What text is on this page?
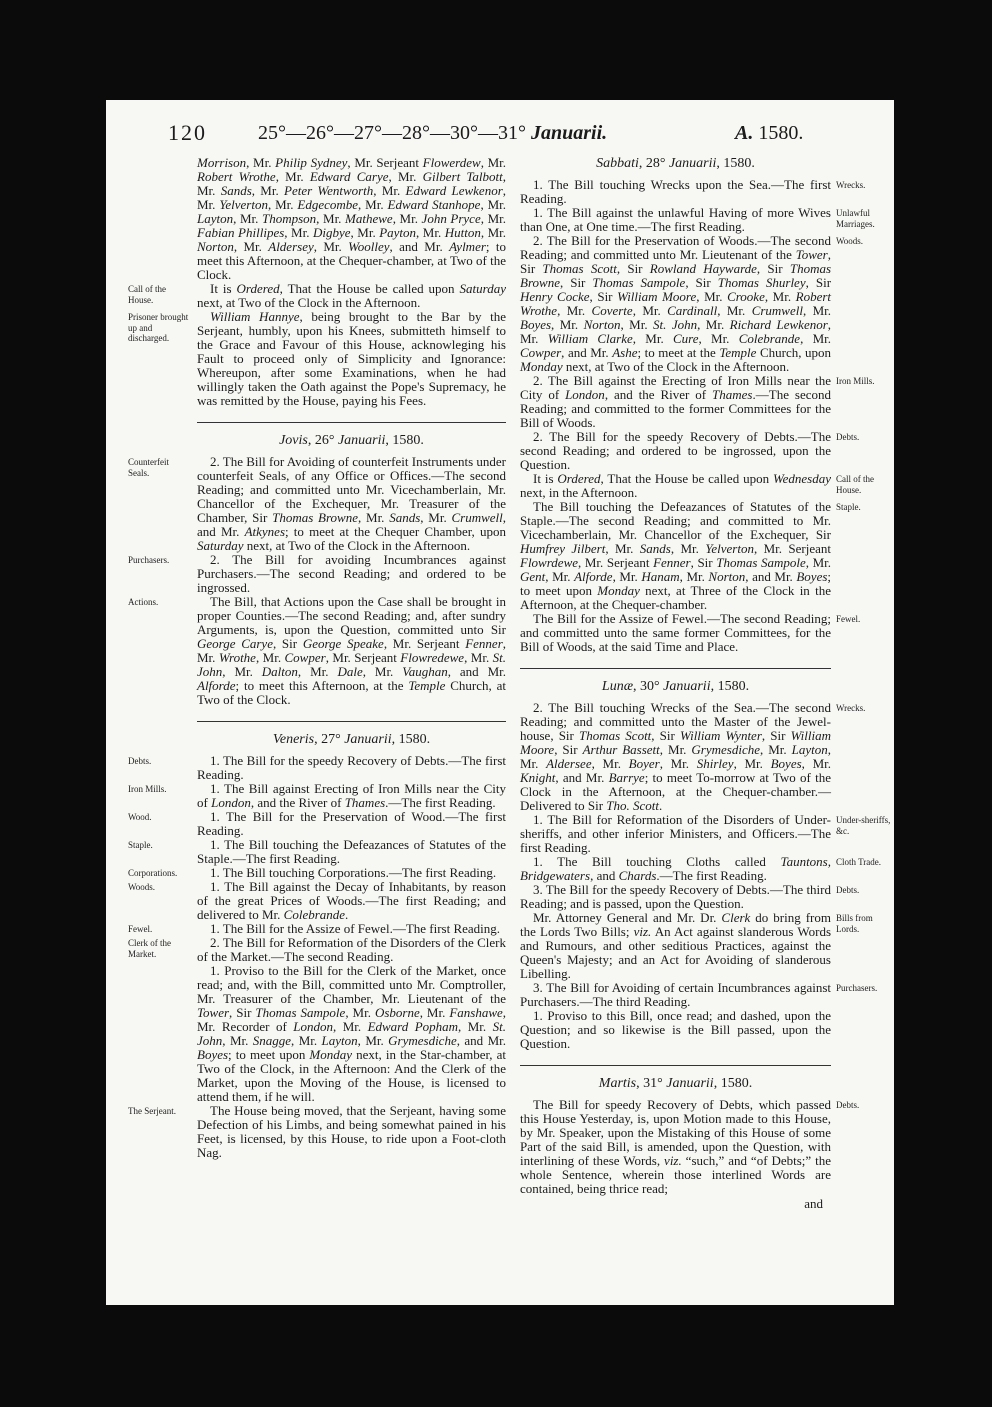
120	25°—26°—27°—28°—30°—31° Januarii.	A. 1580.
Morrison, Mr. Philip Sydney, Mr. Serjeant Flowerdew, Mr. Robert Wrothe, Mr. Edward Carye, Mr. Gilbert Talbott, Mr. Sands, Mr. Peter Wentworth, Mr. Edward Lewkenor, Mr. Yelverton, Mr. Edgecombe, Mr. Edward Stanhope, Mr. Layton, Mr. Thompson, Mr. Mathewe, Mr. John Pryce, Mr. Fabian Phillipes, Mr. Digbye, Mr. Payton, Mr. Hutton, Mr. Norton, Mr. Aldersey, Mr. Woolley, and Mr. Aylmer; to meet this Afternoon, at the Chequer-chamber, at Two of the Clock.
Call of the House.
It is Ordered, That the House be called upon Saturday next, at Two of the Clock in the Afternoon.
Prisoner brought up and discharged.
William Hannye, being brought to the Bar by the Serjeant, humbly, upon his Knees, submitteth himself to the Grace and Favour of this House, acknowleging his Fault to proceed only of Simplicity and Ignorance: Whereupon, after some Examinations, when he had willingly taken the Oath against the Pope's Supremacy, he was remitted by the House, paying his Fees.
Jovis, 26° Januarii, 1580.
Counterfeit Seals.
2. The Bill for Avoiding of counterfeit Instruments under counterfeit Seals, of any Office or Offices.—The second Reading; and committed unto Mr. Vicechamberlain, Mr. Chancellor of the Exchequer, Mr. Treasurer of the Chamber, Sir Thomas Browne, Mr. Sands, Mr. Crumwell, and Mr. Atkynes; to meet at the Chequer Chamber, upon Saturday next, at Two of the Clock in the Afternoon.
Purchasers.	2. The Bill for avoiding Incumbrances against Purchasers.—The second Reading; and ordered to be ingrossed.
Actions.	The Bill, that Actions upon the Case shall be brought in proper Counties.—The second Reading; and, after sundry Arguments, is, upon the Question, committed unto Sir George Carye, Sir George Speake, Mr. Serjeant Fenner, Mr. Wrothe, Mr. Cowper, Mr. Serjeant Flowredewe, Mr. St. John, Mr. Dalton, Mr. Dale, Mr. Vaughan, and Mr. Alforde; to meet this Afternoon, at the Temple Church, at Two of the Clock.
Veneris, 27° Januarii, 1580.
Debts.	1. The Bill for the speedy Recovery of Debts.—The first Reading.
Iron Mills.	1. The Bill against Erecting of Iron Mills near the City of London, and the River of Thames.—The first Reading.
Wood.	1. The Bill for the Preservation of Wood.—The first Reading.
Staple.	1. The Bill touching the Defeazances of Statutes of the Staple.—The first Reading.
Corporations.	1. The Bill touching Corporations.—The first Reading.
Woods.	1. The Bill against the Decay of Inhabitants, by reason of the great Prices of Woods.—The first Reading; and delivered to Mr. Colebrande.
Fewel.	1. The Bill for the Assize of Fewel.—The first Reading.
Clerk of the Market.
2. The Bill for Reformation of the Disorders of the Clerk of the Market.—The second Reading.
1. Proviso to the Bill for the Clerk of the Market, once read; and, with the Bill, committed unto Mr. Comptroller, Mr. Treasurer of the Chamber, Mr. Lieutenant of the Tower, Sir Thomas Sampole, Mr. Osborne, Mr. Fanshawe, Mr. Recorder of London, Mr. Edward Popham, Mr. St. John, Mr. Snagge, Mr. Layton, Mr. Grymesdiche, and Mr. Boyes; to meet upon Monday next, in the Star-chamber, at Two of the Clock, in the Afternoon: And the Clerk of the Market, upon the Moving of the House, is licensed to attend them, if he will.
The Serjeant.	The House being moved, that the Serjeant, having some Defection of his Limbs, and being somewhat pained in his Feet, is licensed, by this House, to ride upon a Foot-cloth Nag.
Sabbati, 28° Januarii, 1580.
Wrecks.
1. The Bill touching Wrecks upon the Sea.—The first Reading.
Unlawful Marriages.
1. The Bill against the unlawful Having of more Wives than One, at One time.—The first Reading.
Woods.
2. The Bill for the Preservation of Woods.—The second Reading; and committed unto Mr. Lieutenant of the Tower, Sir Thomas Scott, Sir Rowland Haywarde, Sir Thomas Browne, Sir Thomas Sampole, Sir Thomas Shurley, Sir Henry Cocke, Sir William Moore, Mr. Crooke, Mr. Robert Wrothe, Mr. Coverte, Mr. Cardinall, Mr. Crumwell, Mr. Boyes, Mr. Norton, Mr. St. John, Mr. Richard Lewkenor, Mr. William Clarke, Mr. Cure, Mr. Colebrande, Mr. Cowper, and Mr. Ashe; to meet at the Temple Church, upon Monday next, at Two of the Clock in the Afternoon.
Iron Mills.
2. The Bill against the Erecting of Iron Mills near the City of London, and the River of Thames.—The second Reading; and committed to the former Committees for the Bill of Woods.
Debts.
2. The Bill for the speedy Recovery of Debts.—The second Reading; and ordered to be ingrossed, upon the Question.
Call of the House.
It is Ordered, That the House be called upon Wednesday next, in the Afternoon.
Staple.
The Bill touching the Defeazances of Statutes of the Staple.—The second Reading; and committed to Mr. Vicechamberlain, Mr. Chancellor of the Exchequer, Sir Humfrey Jilbert, Mr. Sands, Mr. Yelverton, Mr. Serjeant Flowrdewe, Mr. Serjeant Fenner, Sir Thomas Sampole, Mr. Gent, Mr. Alforde, Mr. Hanam, Mr. Norton, and Mr. Boyes; to meet upon Monday next, at Three of the Clock in the Afternoon, at the Chequer-chamber.
Fewel.
The Bill for the Assize of Fewel.—The second Reading; and committed unto the same former Committees, for the Bill of Woods, at the said Time and Place.
Lunæ, 30° Januarii, 1580.
Wrecks.
2. The Bill touching Wrecks of the Sea.—The second Reading; and committed unto the Master of the Jewel-house, Sir Thomas Scott, Sir William Wynter, Sir William Moore, Sir Arthur Bassett, Mr. Grymesdiche, Mr. Layton, Mr. Aldersee, Mr. Boyer, Mr. Shirley, Mr. Boyes, Mr. Knight, and Mr. Barrye; to meet To-morrow at Two of the Clock in the Afternoon, at the Chequer-chamber.—Delivered to Sir Tho. Scott.
Under-sheriffs, &c.
1. The Bill for Reformation of the Disorders of Under-sheriffs, and other inferior Ministers, and Officers.—The first Reading.
Cloth Trade.
1. The Bill touching Cloths called Tauntons, Bridgewaters, and Chards.—The first Reading.
Debts.
3. The Bill for the speedy Recovery of Debts.—The third Reading; and is passed, upon the Question.
Bills from Lords.
Mr. Attorney General and Mr. Dr. Clerk do bring from the Lords Two Bills; viz. An Act against slanderous Words and Rumours, and other seditious Practices, against the Queen's Majesty; and an Act for Avoiding of slanderous Libelling.
Purchasers.
3. The Bill for Avoiding of certain Incumbrances against Purchasers.—The third Reading.
1. Proviso to this Bill, once read; and dashed, upon the Question; and so likewise is the Bill passed, upon the Question.
Martis, 31° Januarii, 1580.
Debts.
The Bill for speedy Recovery of Debts, which passed this House Yesterday, is, upon Motion made to this House, by Mr. Speaker, upon the Mistaking of this House of some Part of the said Bill, is amended, upon the Question, with interlining of these Words, viz. “such,” and “of Debts;” the whole Sentence, wherein those interlined Words are contained, being thrice read;
and
